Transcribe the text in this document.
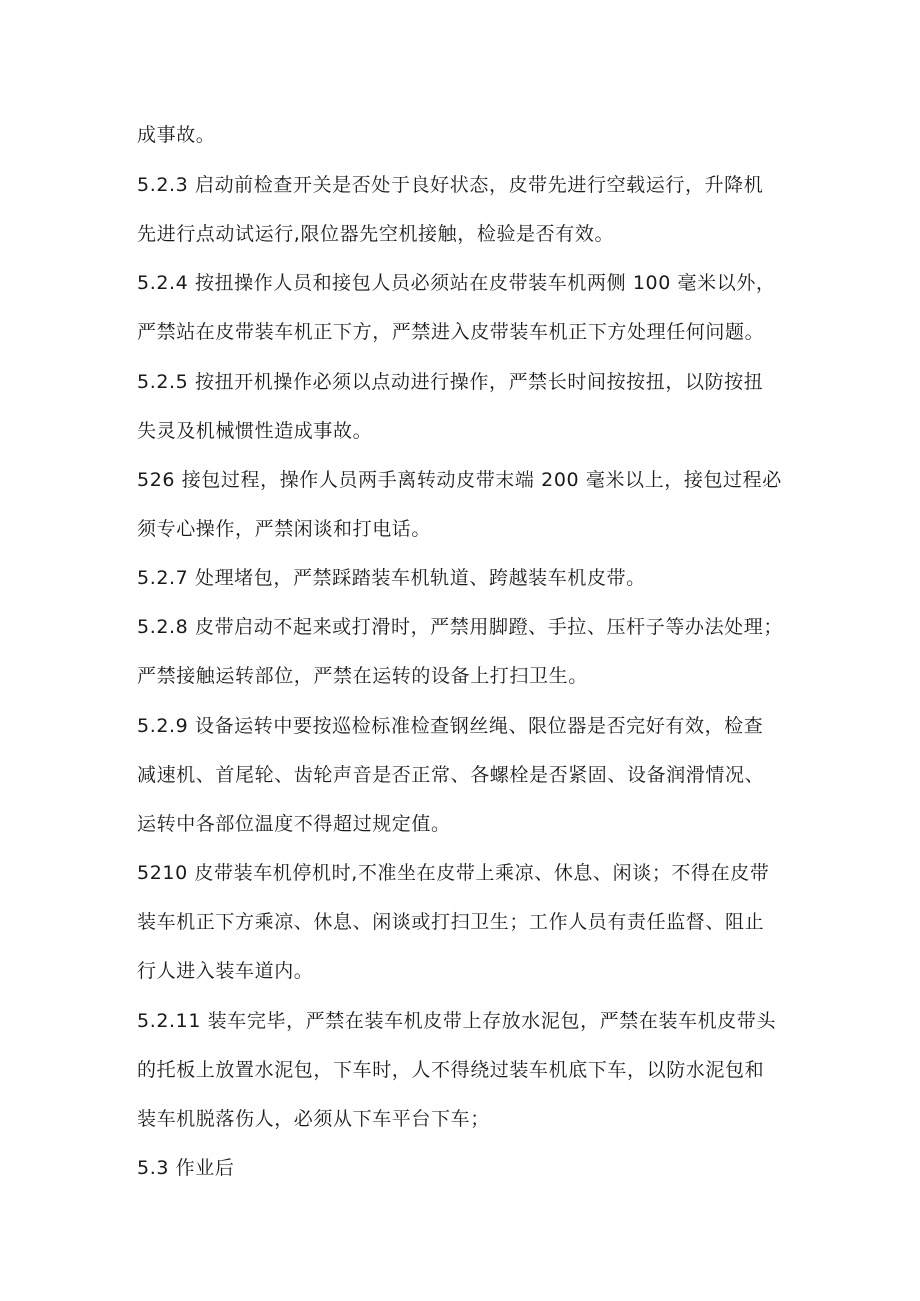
成事故。
5.2.3 启动前检查开关是否处于良好状态，皮带先进行空载运行，升降机
先进行点动试运行,限位器先空机接触，检验是否有效。
5.2.4 按扭操作人员和接包人员必须站在皮带装车机两侧 100 毫米以外，
严禁站在皮带装车机正下方，严禁进入皮带装车机正下方处理任何问题。
5.2.5 按扭开机操作必须以点动进行操作，严禁长时间按按扭，以防按扭
失灵及机械惯性造成事故。
526 接包过程，操作人员两手离转动皮带末端 200 毫米以上，接包过程必
须专心操作，严禁闲谈和打电话。
5.2.7 处理堵包，严禁踩踏装车机轨道、跨越装车机皮带。
5.2.8 皮带启动不起来或打滑时，严禁用脚蹬、手拉、压杆子等办法处理；
严禁接触运转部位，严禁在运转的设备上打扫卫生。
5.2.9 设备运转中要按巡检标准检查钢丝绳、限位器是否完好有效，检查
减速机、首尾轮、齿轮声音是否正常、各螺栓是否紧固、设备润滑情况、
运转中各部位温度不得超过规定值。
5210 皮带装车机停机时,不准坐在皮带上乘凉、休息、闲谈；不得在皮带
装车机正下方乘凉、休息、闲谈或打扫卫生；工作人员有责任监督、阻止
行人进入装车道内。
5.2.11 装车完毕，严禁在装车机皮带上存放水泥包，严禁在装车机皮带头
的托板上放置水泥包，下车时，人不得绕过装车机底下车，以防水泥包和
装车机脱落伤人，必须从下车平台下车；
5.3 作业后
